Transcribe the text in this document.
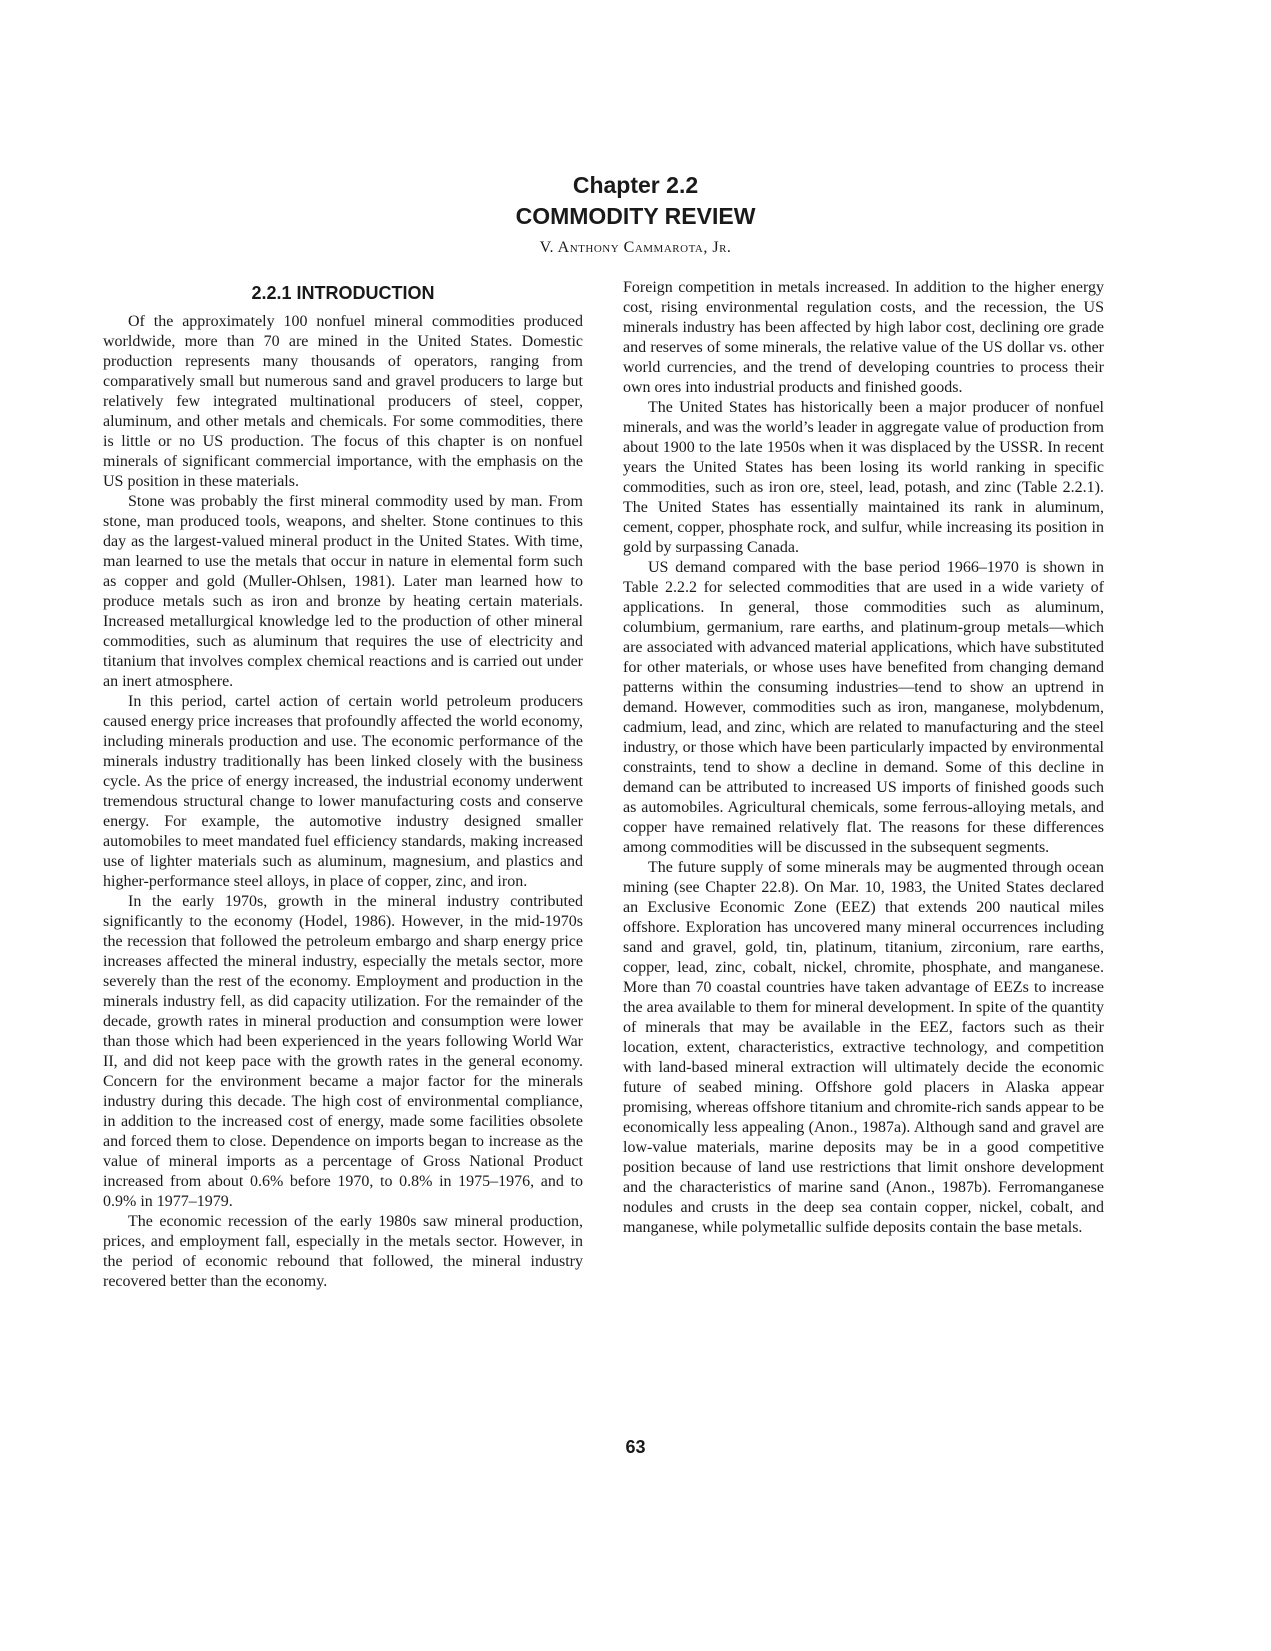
Chapter 2.2
COMMODITY REVIEW
V. Anthony Cammarota, Jr.
2.2.1 INTRODUCTION

Of the approximately 100 nonfuel mineral commodities produced worldwide, more than 70 are mined in the United States. Domestic production represents many thousands of operators, ranging from comparatively small but numerous sand and gravel producers to large but relatively few integrated multinational producers of steel, copper, aluminum, and other metals and chemicals. For some commodities, there is little or no US production. The focus of this chapter is on nonfuel minerals of significant commercial importance, with the emphasis on the US position in these materials.

Stone was probably the first mineral commodity used by man. From stone, man produced tools, weapons, and shelter. Stone continues to this day as the largest-valued mineral product in the United States. With time, man learned to use the metals that occur in nature in elemental form such as copper and gold (Muller-Ohlsen, 1981). Later man learned how to produce metals such as iron and bronze by heating certain materials. Increased metallurgical knowledge led to the production of other mineral commodities, such as aluminum that requires the use of electricity and titanium that involves complex chemical reactions and is carried out under an inert atmosphere.

In this period, cartel action of certain world petroleum producers caused energy price increases that profoundly affected the world economy, including minerals production and use. The economic performance of the minerals industry traditionally has been linked closely with the business cycle. As the price of energy increased, the industrial economy underwent tremendous structural change to lower manufacturing costs and conserve energy. For example, the automotive industry designed smaller automobiles to meet mandated fuel efficiency standards, making increased use of lighter materials such as aluminum, magnesium, and plastics and higher-performance steel alloys, in place of copper, zinc, and iron.

In the early 1970s, growth in the mineral industry contributed significantly to the economy (Hodel, 1986). However, in the mid-1970s the recession that followed the petroleum embargo and sharp energy price increases affected the mineral industry, especially the metals sector, more severely than the rest of the economy. Employment and production in the minerals industry fell, as did capacity utilization. For the remainder of the decade, growth rates in mineral production and consumption were lower than those which had been experienced in the years following World War II, and did not keep pace with the growth rates in the general economy. Concern for the environment became a major factor for the minerals industry during this decade. The high cost of environmental compliance, in addition to the increased cost of energy, made some facilities obsolete and forced them to close. Dependence on imports began to increase as the value of mineral imports as a percentage of Gross National Product increased from about 0.6% before 1970, to 0.8% in 1975–1976, and to 0.9% in 1977–1979.

The economic recession of the early 1980s saw mineral production, prices, and employment fall, especially in the metals sector. However, in the period of economic rebound that followed, the mineral industry recovered better than the economy.

Foreign competition in metals increased. In addition to the higher energy cost, rising environmental regulation costs, and the recession, the US minerals industry has been affected by high labor cost, declining ore grade and reserves of some minerals, the relative value of the US dollar vs. other world currencies, and the trend of developing countries to process their own ores into industrial products and finished goods.

The United States has historically been a major producer of nonfuel minerals, and was the world’s leader in aggregate value of production from about 1900 to the late 1950s when it was displaced by the USSR. In recent years the United States has been losing its world ranking in specific commodities, such as iron ore, steel, lead, potash, and zinc (Table 2.2.1). The United States has essentially maintained its rank in aluminum, cement, copper, phosphate rock, and sulfur, while increasing its position in gold by surpassing Canada.

US demand compared with the base period 1966–1970 is shown in Table 2.2.2 for selected commodities that are used in a wide variety of applications. In general, those commodities such as aluminum, columbium, germanium, rare earths, and platinum-group metals—which are associated with advanced material applications, which have substituted for other materials, or whose uses have benefited from changing demand patterns within the consuming industries—tend to show an uptrend in demand. However, commodities such as iron, manganese, molybdenum, cadmium, lead, and zinc, which are related to manufacturing and the steel industry, or those which have been particularly impacted by environmental constraints, tend to show a decline in demand. Some of this decline in demand can be attributed to increased US imports of finished goods such as automobiles. Agricultural chemicals, some ferrous-alloying metals, and copper have remained relatively flat. The reasons for these differences among commodities will be discussed in the subsequent segments.

The future supply of some minerals may be augmented through ocean mining (see Chapter 22.8). On Mar. 10, 1983, the United States declared an Exclusive Economic Zone (EEZ) that extends 200 nautical miles offshore. Exploration has uncovered many mineral occurrences including sand and gravel, gold, tin, platinum, titanium, zirconium, rare earths, copper, lead, zinc, cobalt, nickel, chromite, phosphate, and manganese. More than 70 coastal countries have taken advantage of EEZs to increase the area available to them for mineral development. In spite of the quantity of minerals that may be available in the EEZ, factors such as their location, extent, characteristics, extractive technology, and competition with land-based mineral extraction will ultimately decide the economic future of seabed mining. Offshore gold placers in Alaska appear promising, whereas offshore titanium and chromite-rich sands appear to be economically less appealing (Anon., 1987a). Although sand and gravel are low-value materials, marine deposits may be in a good competitive position because of land use restrictions that limit onshore development and the characteristics of marine sand (Anon., 1987b). Ferromanganese nodules and crusts in the deep sea contain copper, nickel, cobalt, and manganese, while polymetallic sulfide deposits contain the base metals.

63
